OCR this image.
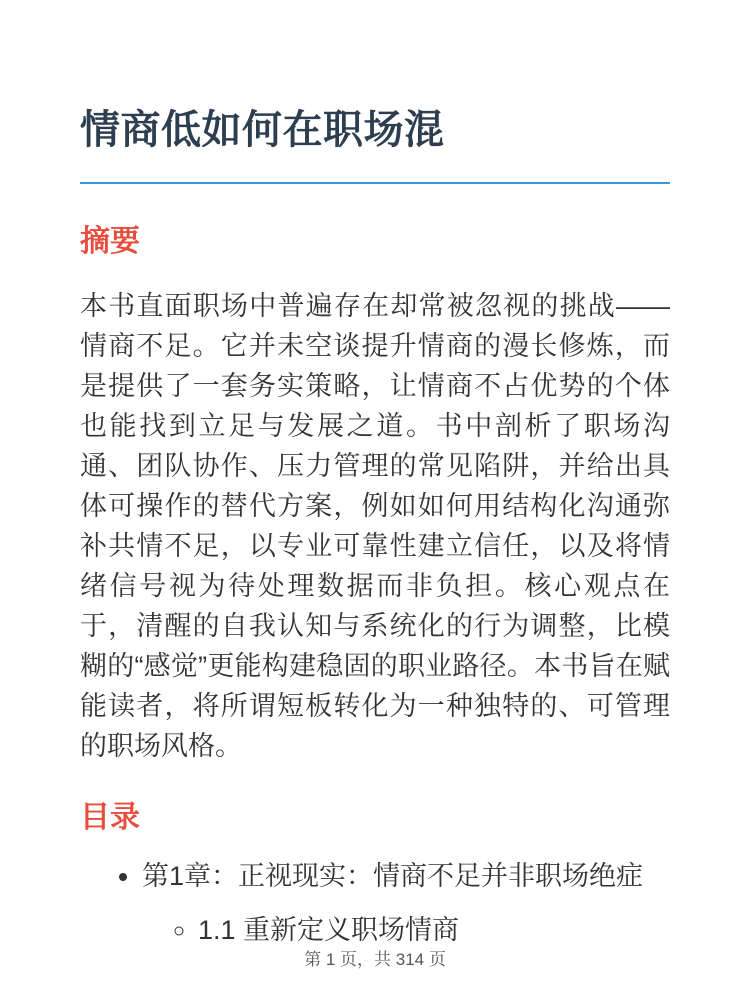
情商低如何在职场混
摘要

本书直面职场中普遍存在却常被忽视的挑战——情商不足。它并未空谈提升情商的漫长修炼，而是提供了一套务实策略，让情商不占优势的个体也能找到立足与发展之道。书中剖析了职场沟通、团队协作、压力管理的常见陷阱，并给出具体可操作的替代方案，例如如何用结构化沟通弥补共情不足，以专业可靠性建立信任，以及将情绪信号视为待处理数据而非负担。核心观点在于，清醒的自我认知与系统化的行为调整，比模糊的“感觉”更能构建稳固的职业路径。本书旨在赋能读者，将所谓短板转化为一种独特的、可管理的职场风格。

目录
• 第1章：正视现实：情商不足并非职场绝症
◦ 1.1 重新定义职场情商
第 1 页，共 314 页
